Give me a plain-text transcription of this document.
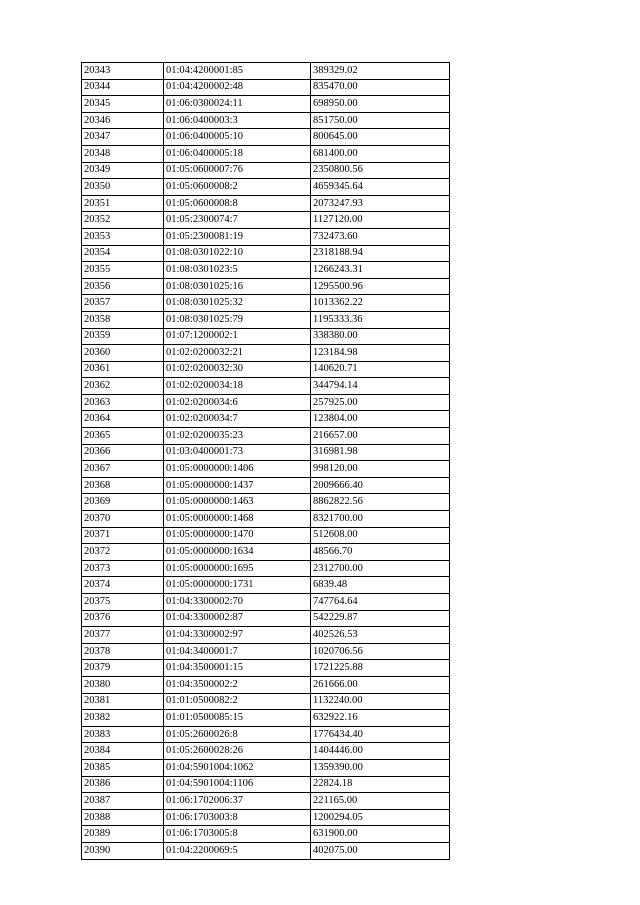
20343	01:04:4200001:85	389329.02
20344	01:04:4200002:48	835470.00
20345	01:06:0300024:11	698950.00
20346	01:06:0400003:3	851750.00
20347	01:06:0400005:10	800645.00
20348	01:06:0400005:18	681400.00
20349	01:05:0600007:76	2350800.56
20350	01:05:0600008:2	4659345.64
20351	01:05:0600008:8	2073247.93
20352	01:05:2300074:7	1127120.00
20353	01:05:2300081:19	732473.60
20354	01:08:0301022:10	2318188.94
20355	01:08:0301023:5	1266243.31
20356	01:08:0301025:16	1295500.96
20357	01:08:0301025:32	1013362.22
20358	01:08:0301025:79	1195333.36
20359	01:07:1200002:1	338380.00
20360	01:02:0200032:21	123184.98
20361	01:02:0200032:30	140620.71
20362	01:02:0200034:18	344794.14
20363	01:02:0200034:6	257925.00
20364	01:02:0200034:7	123804.00
20365	01:02:0200035:23	216657.00
20366	01:03:0400001:73	316981.98
20367	01:05:0000000:1406	998120.00
20368	01:05:0000000:1437	2009666.40
20369	01:05:0000000:1463	8862822.56
20370	01:05:0000000:1468	8321700.00
20371	01:05:0000000:1470	512608.00
20372	01:05:0000000:1634	48566.70
20373	01:05:0000000:1695	2312700.00
20374	01:05:0000000:1731	6839.48
20375	01:04:3300002:70	747764.64
20376	01:04:3300002:87	542229.87
20377	01:04:3300002:97	402526.53
20378	01:04:3400001:7	1020706.56
20379	01:04:3500001:15	1721225.88
20380	01:04:3500002:2	261666.00
20381	01:01:0500082:2	1132240.00
20382	01:01:0500085:15	632922.16
20383	01:05:2600026:8	1776434.40
20384	01:05:2600028:26	1404446.00
20385	01:04:5901004:1062	1359390.00
20386	01:04:5901004:1106	22824.18
20387	01:06:1702006:37	221165.00
20388	01:06:1703003:8	1200294.05
20389	01:06:1703005:8	631900.00
20390	01:04:2200069:5	402075.00
